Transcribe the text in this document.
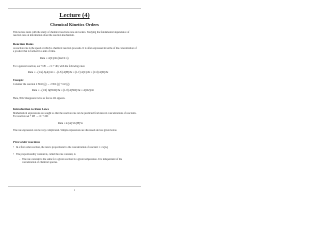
Lecture (4)
Chemical Kinetics Orders
This lecture deals with the study of chemical reactions rate and orders. Studying the fundamental dependence of reaction rate on information about the reaction mechanism.
Reaction Rates
A reaction rate is the speed at which a chemical reaction proceeds. It is often expressed in terms of the concentration of a product that is formed in a unit of time.
Rate = Δ[C]/Δt (mol/L·s)
For a general reaction, aA + bB → cC + dD, with the following rates:
Rate = −(1/a) Δ[A]/Δt = −(1/b) Δ[B]/Δt = (1/c) Δ[C]/Δt = (1/d) Δ[D]/Δt
Example:
Consider the reaction 2 NO2 (g) → 2 NO (g) + O2 (g)
Rate = −(1/2) Δ[NO2]/Δt = (1/2) Δ[NO]/Δt = Δ[O2]/Δt
Here, NO2 disappears twice as fast as O2 appears.
Introduction to Rate Laws
Mathematical expressions are sought so that the reaction rate can be predicted from known concentrations of reactants. For reaction aA + bB → cC + dD:
Rate = k [A]^m [B]^n
The rate expression can be very complicated. Simple expressions are discussed and are given below.
First order reactions
• In a first order reaction, the rate is proportional to the concentration of reactant: r = k[A].
• The proportionality constant k, called the rate constant, is
– The rate constant is the same for a given reaction in a given temperature. It is independent of the concentration of chemical species.
1
